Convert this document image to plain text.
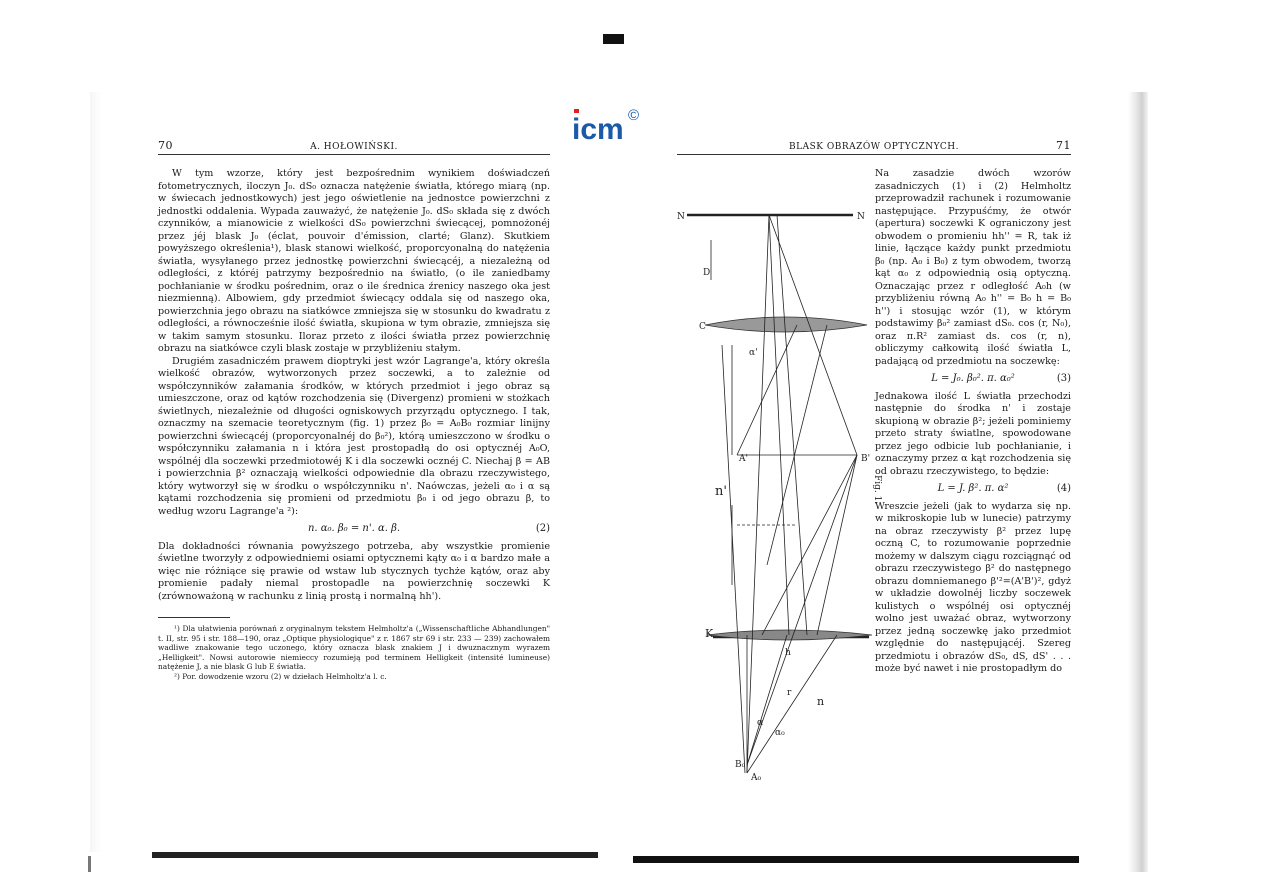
icm ©
70	A. HOŁOWIŃSKI.

W tym wzorze, który jest bezpośrednim wynikiem doświadczeń fotometrycznych, iloczyn J₀. dS₀ oznacza natężenie światła, którego miarą (np. w świecach jednostkowych) jest jego oświetlenie na jednostce powierzchni z jednostki oddalenia. Wypada zauważyć, że natężenie J₀. dS₀ składa się z dwóch czynników, a mianowicie z wielkości dS₀ powierzchni świecącej, pomnożonéj przez jéj blask J₀ (éclat, pouvoir d'émission, clarté; Glanz). Skutkiem powyższego określenia¹), blask stanowi wielkość, proporcyonalną do natężenia światła, wysyłanego przez jednostkę powierzchni świecącéj, a niezależną od odległości, z któréj patrzymy bezpośrednio na światło, (o ile zaniedbamy pochłanianie w środku pośrednim, oraz o ile średnica źrenicy naszego oka jest niezmienną). Albowiem, gdy przedmiot świecący oddala się od naszego oka, powierzchnia jego obrazu na siatkówce zmniejsza się w stosunku do kwadratu z odległości, a równocześnie ilość światła, skupiona w tym obrazie, zmniejsza się w takim samym stosunku. Iloraz przeto z ilości światła przez powierzchnię obrazu na siatkówce czyli blask zostaje w przybliżeniu stałym.

Drugiém zasadniczém prawem dioptryki jest wzór Lagrange'a, który określa wielkość obrazów, wytworzonych przez soczewki, a to zależnie od współczynników załamania środków, w których przedmiot i jego obraz są umieszczone, oraz od kątów rozchodzenia się (Divergenz) promieni w stożkach świetlnych, niezależnie od długości ogniskowych przyrządu optycznego. I tak, oznaczmy na szemacie teoretycznym (fig. 1) przez β₀ = A₀B₀ rozmiar linijny powierzchni świecącéj (proporcyonalnéj do β₀²), którą umieszczono w środku o współczynniku załamania n i która jest prostopadłą do osi optycznéj A₀O, wspólnéj dla soczewki przedmiotowéj K i dla soczewki ocznéj C. Niechaj β = AB i powierzchnia β² oznaczają wielkości odpowiednie dla obrazu rzeczywistego, który wytworzył się w środku o współczynniku n'. Naówczas, jeżeli α₀ i α są kątami rozchodzenia się promieni od przedmiotu β₀ i od jego obrazu β, to według wzoru Lagrange'a ²):

n. α₀. β₀ = n'. α. β.	(2)

Dla dokładności równania powyższego potrzeba, aby wszystkie promienie świetlne tworzyły z odpowiedniemi osiami optycznemi kąty α₀ i α bardzo małe a więc nie różniące się prawie od wstaw lub stycznych tychże kątów, oraz aby promienie padały niemal prostopadle na powierzchnię soczewki K (zrównoważoną w rachunku z linią prostą i normalną hh').

¹) Dla ułatwienia porównań z oryginalnym tekstem Helmholtz'a („Wissenschaftliche Abhandlungen" t. II, str. 95 i str. 188—190, oraz „Optique physiologique" z r. 1867 str 69 i str. 233 — 239) zachowałem wadliwe znakowanie tego uczonego, który oznacza blask znakiem J i dwuznacznym wyrazem „Helligkeit". Nowsi autorowie niemieccy rozumieją pod terminem Helligkeit (intensité lumineuse) natężenie J, a nie blask G lub E światła.

²) Por. dowodzenie wzoru (2) w dziełach Helmholtz'a l. c.

BLASK OBRAZÓW OPTYCZNYCH.	71

Na zasadzie dwóch wzorów zasadniczych (1) i (2) Helmholtz przeprowadził rachunek i rozumowanie następujące. Przypuśćmy, że otwór (apertura) soczewki K ograniczony jest obwodem o promieniu hh'' = R, tak iż linie, łączące każdy punkt przedmiotu β₀ (np. A₀ i B₀) z tym obwodem, tworzą kąt α₀ z odpowiednią osią optyczną. Oznaczając przez r odległość A₀h (w przybliżeniu równą A₀ h'' = B₀ h = B₀ h'') i stosując wzór (1), w którym podstawimy β₀² zamiast dS₀. cos (r, N₀), oraz π.R² zamiast ds. cos (r, n), obliczymy całkowitą ilość światła L, padającą od przedmiotu na soczewkę:

L = J₀. β₀². π. α₀²	(3)

Jednakowa ilość L światła przechodzi następnie do środka n' i zostaje skupioną w obrazie β²; jeżeli pominiemy przeto straty światlne, spowodowane przez jego odbicie lub pochłanianie, i oznaczymy przez α kąt rozchodzenia się od obrazu rzeczywistego, to będzie:

L = J. β². π. α²	(4)

Wreszcie jeżeli (jak to wydarza się np. w mikroskopie lub w lunecie) patrzymy na obraz rzeczywisty β² przez lupę oczną C, to rozumowanie poprzednie możemy w dalszym ciągu rozciągnąć od obrazu rzeczywistego β² do następnego obrazu domniemanego β'²=(A'B')², gdyż w układzie dowolnéj liczby soczewek kulistych o wspólnéj osi optycznéj wolno jest uważać obraz, wytworzony przez jedną soczewkę jako przedmiot względnie do następującéj. Szereg przedmiotu i obrazów dS₀, dS, dS' . . . może być nawet i nie prostopadłym do

N	N
D
C
n'
K
n
B'
A'
α'
h
r
α
α₀
B₀
A₀
Fig. 1.
